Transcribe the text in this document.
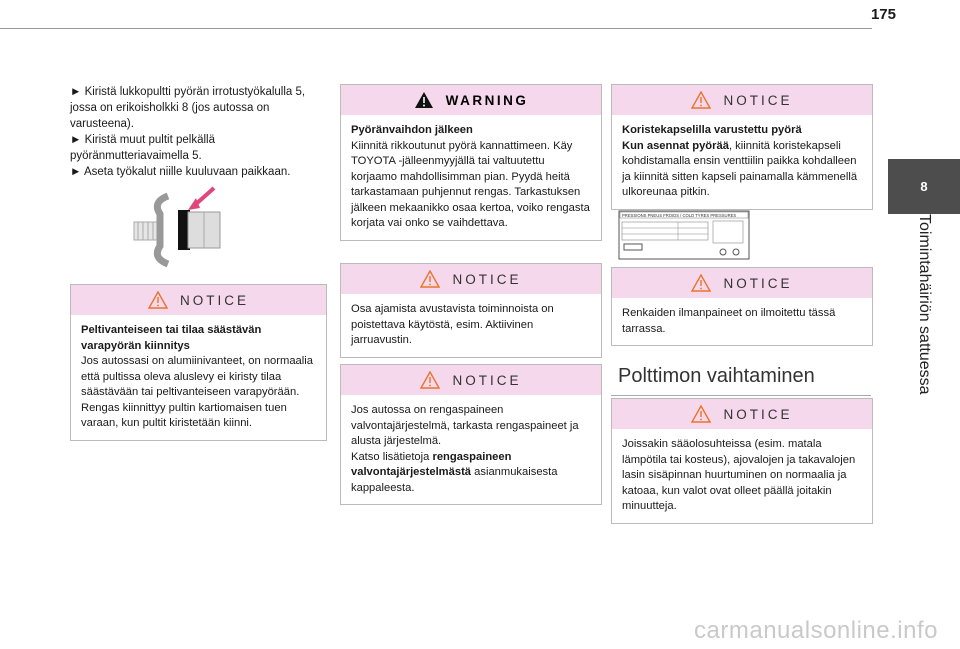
175
8
Toimintahäiriön sattuessa

► Kiristä lukkopultti pyörän irrotustyökalulla 5, jossa on erikoisholkki 8 (jos autossa on varusteena).

► Kiristä muut pultit pelkällä pyöränmutteriavaimella 5.

► Aseta työkalut niille kuuluvaan paikkaan.

NOTICE

Peltivanteiseen tai tilaa säästävän varapyörän kiinnitys

Jos autossasi on alumiinivanteet, on normaalia että pultissa oleva aluslevy ei kiristy tilaa säästävään tai peltivanteiseen varapyörään. Rengas kiinnittyy pultin kartiomaisen tuen varaan, kun pultit kiristetään kiinni.

WARNING

Pyöränvaihdon jälkeen

Kiinnitä rikkoutunut pyörä kannattimeen. Käy TOYOTA -jälleenmyyjällä tai valtuutettu korjaamo mahdollisimman pian. Pyydä heitä tarkastamaan puhjennut rengas. Tarkastuksen jälkeen mekaanikko osaa kertoa, voiko rengasta korjata vai onko se vaihdettava.

NOTICE

Osa ajamista avustavista toiminnoista on poistettava käytöstä, esim. Aktiivinen jarruavustin.

NOTICE

Jos autossa on rengaspaineen valvontajärjestelmä, tarkasta rengaspaineet ja alusta järjestelmä.

Katso lisätietoja rengaspaineen valvontajärjestelmästä asianmukaisesta kappaleesta.

NOTICE

Koristekapselilla varustettu pyörä

Kun asennat pyörää, kiinnitä koristekapseli kohdistamalla ensin venttiilin paikka kohdalleen ja kiinnitä sitten kapseli painamalla kämmenellä ulkoreunaa pitkin.

PRESSIONS PNEUS FROIDS / COLD TYRES PRESSURES
NOTICE

Renkaiden ilmanpaineet on ilmoitettu tässä tarrassa.

Polttimon vaihtaminen
NOTICE

Joissakin sääolosuhteissa (esim. matala lämpötila tai kosteus), ajovalojen ja takavalojen lasin sisäpinnan huurtuminen on normaalia ja katoaa, kun valot ovat olleet päällä joitakin minuutteja.

carmanualsonline.info
